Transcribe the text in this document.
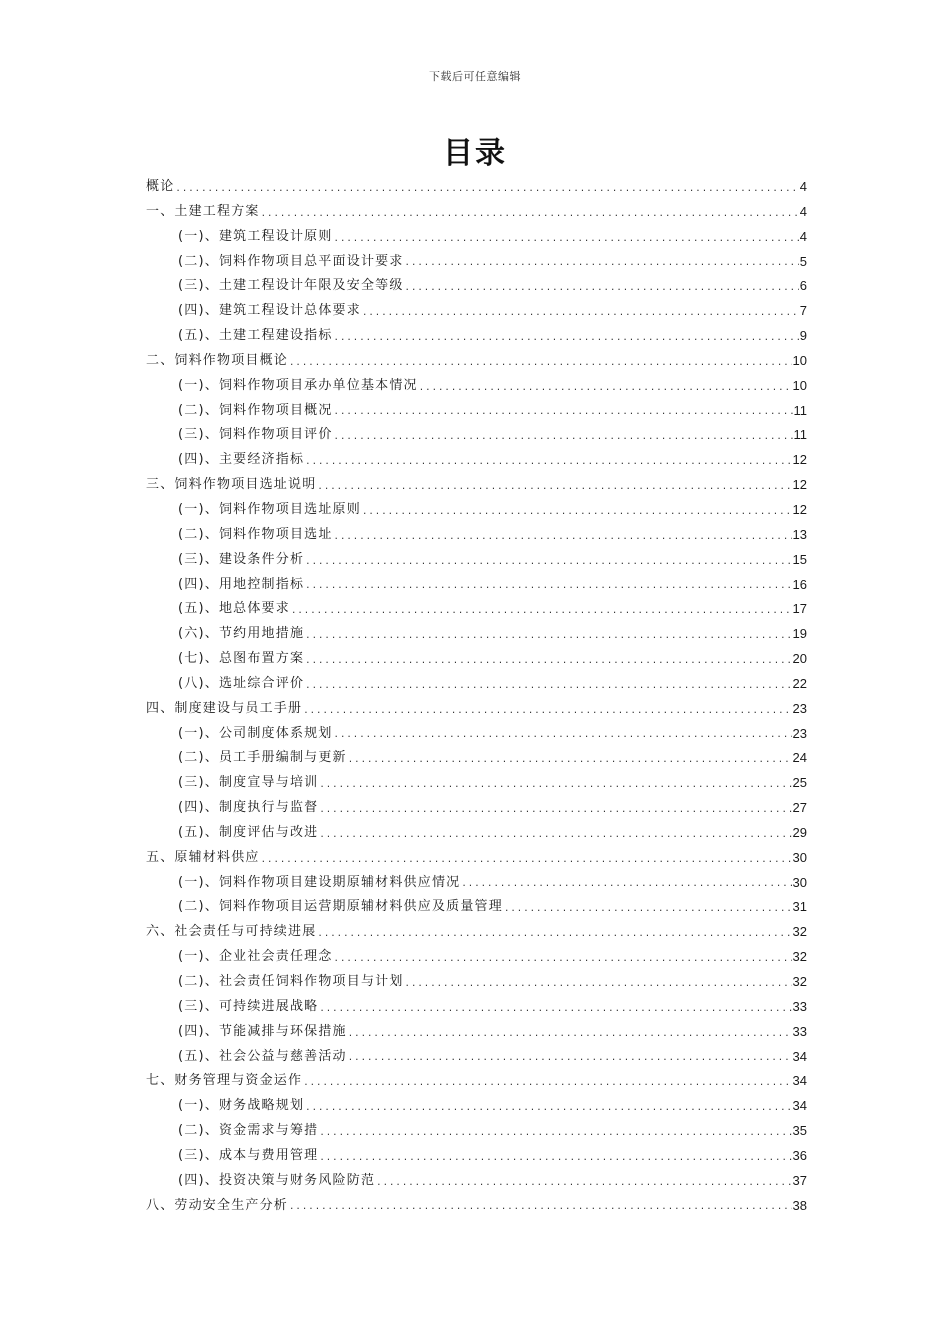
下载后可任意编辑
目录
概论 .....	4
一、土建工程方案 .....	4
(一)、建筑工程设计原则 .....	4
(二)、饲料作物项目总平面设计要求 .....	5
(三)、土建工程设计年限及安全等级 .....	6
(四)、建筑工程设计总体要求 .....	7
(五)、土建工程建设指标 .....	9
二、饲料作物项目概论 .....	10
(一)、饲料作物项目承办单位基本情况 .....	10
(二)、饲料作物项目概况 .....	11
(三)、饲料作物项目评价 .....	11
(四)、主要经济指标 .....	12
三、饲料作物项目选址说明 .....	12
(一)、饲料作物项目选址原则 .....	12
(二)、饲料作物项目选址 .....	13
(三)、建设条件分析 .....	15
(四)、用地控制指标 .....	16
(五)、地总体要求 .....	17
(六)、节约用地措施 .....	19
(七)、总图布置方案 .....	20
(八)、选址综合评价 .....	22
四、制度建设与员工手册 .....	23
(一)、公司制度体系规划 .....	23
(二)、员工手册编制与更新 .....	24
(三)、制度宣导与培训 .....	25
(四)、制度执行与监督 .....	27
(五)、制度评估与改进 .....	29
五、原辅材料供应 .....	30
(一)、饲料作物项目建设期原辅材料供应情况 .....	30
(二)、饲料作物项目运营期原辅材料供应及质量管理 .....	31
六、社会责任与可持续进展 .....	32
(一)、企业社会责任理念 .....	32
(二)、社会责任饲料作物项目与计划 .....	32
(三)、可持续进展战略 .....	33
(四)、节能减排与环保措施 .....	33
(五)、社会公益与慈善活动 .....	34
七、财务管理与资金运作 .....	34
(一)、财务战略规划 .....	34
(二)、资金需求与筹措 .....	35
(三)、成本与费用管理 .....	36
(四)、投资决策与财务风险防范 .....	37
八、劳动安全生产分析 .....	38
